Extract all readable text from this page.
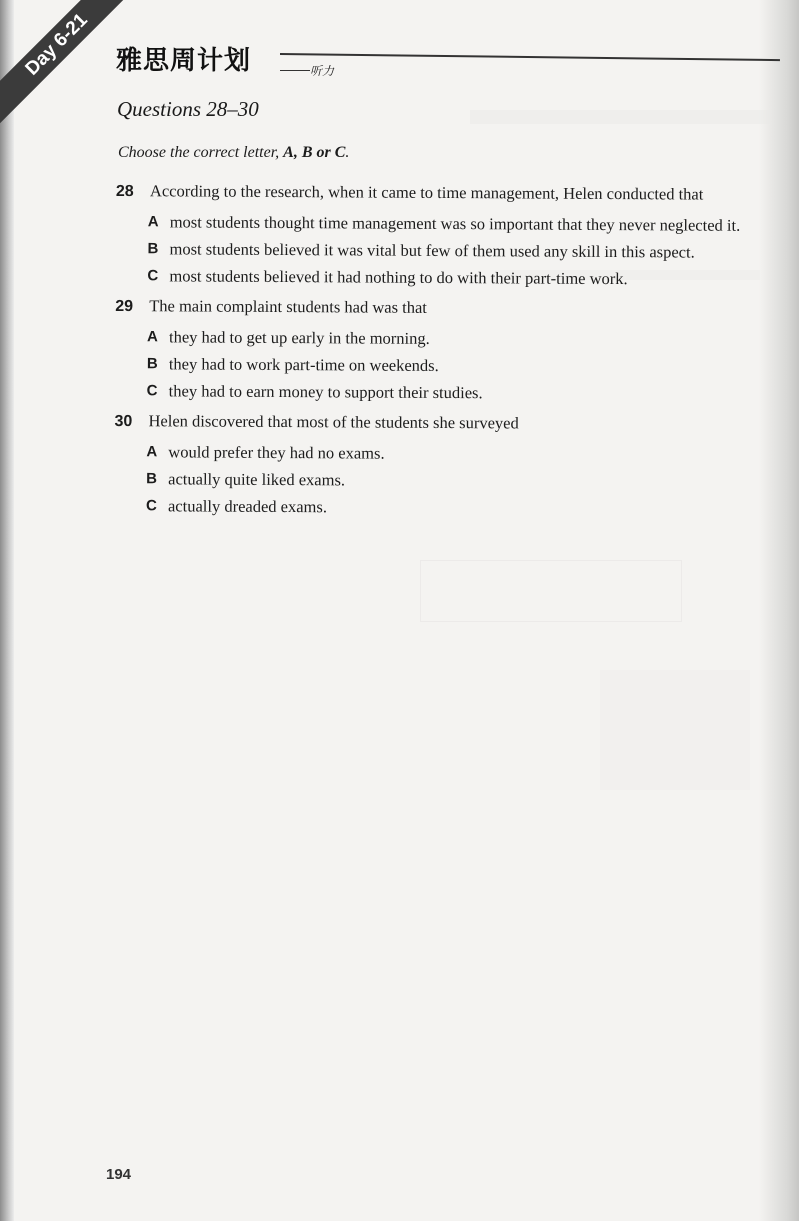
Day 6-21 雅思周计划	听力
Questions 28–30
Choose the correct letter, A, B or C.
28 According to the research, when it came to time management, Helen conducted that
A most students thought time management was so important that they never neglected it.
B most students believed it was vital but few of them used any skill in this aspect.
C most students believed it had nothing to do with their part-time work.
29 The main complaint students had was that
A they had to get up early in the morning.
B they had to work part-time on weekends.
C they had to earn money to support their studies.
30 Helen discovered that most of the students she surveyed
A would prefer they had no exams.
B actually quite liked exams.
C actually dreaded exams.
194
